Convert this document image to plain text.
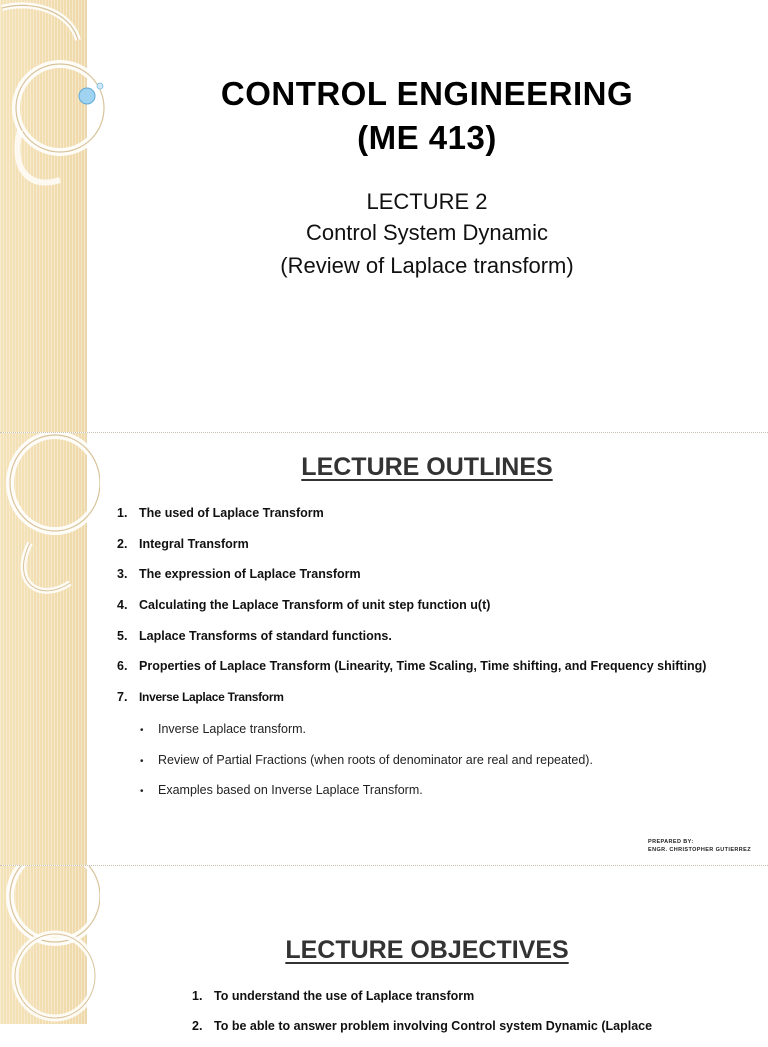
CONTROL ENGINEERING
(ME 413)
LECTURE 2
Control System Dynamic
(Review of Laplace transform)
LECTURE OUTLINES
1. The used of Laplace Transform
2. Integral Transform
3. The expression of Laplace Transform
4. Calculating the Laplace Transform of unit step function u(t)
5. Laplace Transforms of standard functions.
6. Properties of Laplace Transform (Linearity, Time Scaling, Time shifting, and Frequency shifting)
7. Inverse Laplace Transform
• Inverse Laplace transform.
• Review of Partial Fractions (when roots of denominator are real and repeated).
• Examples based on Inverse Laplace Transform.
PREPARED BY:
ENGR. CHRISTOPHER GUTIERREZ
LECTURE OBJECTIVES
1. To understand the use of Laplace transform
2. To be able to answer problem involving Control system Dynamic (Laplace
